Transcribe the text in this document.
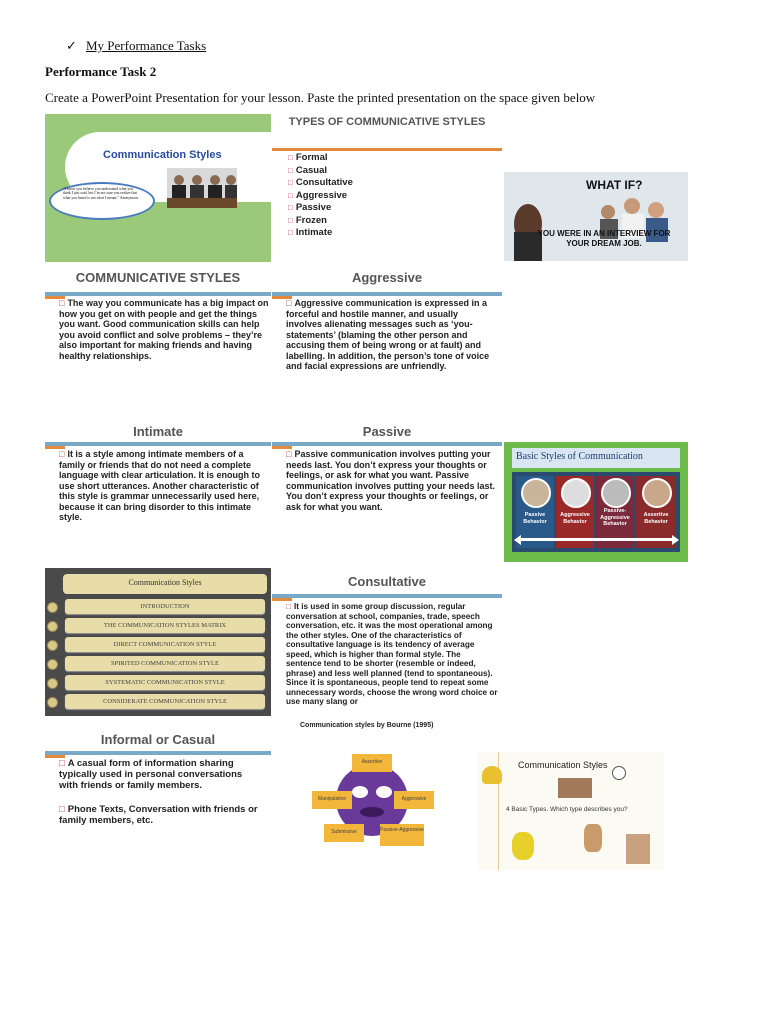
✓ My Performance Tasks
Performance Task 2
Create a PowerPoint Presentation for your lesson. Paste the printed presentation on the space given below
Communication Styles
“I know you believe you understand what you think I just said, but I’m not sure you realize that what you heard is not what I meant.” Anonymous
TYPES OF COMMUNICATIVE STYLES
□ Formal
□ Casual
□ Consultative
□ Aggressive
□ Passive
□ Frozen
□ Intimate
WHAT IF?
YOU WERE IN AN INTERVIEW FOR YOUR DREAM JOB.
COMMUNICATIVE STYLES
□ The way you communicate has a big impact on how you get on with people and get the things you want. Good communication skills can help you avoid conflict and solve problems – they’re also important for making friends and having healthy relationships.
Aggressive
□ Aggressive communication is expressed in a forceful and hostile manner, and usually involves alienating messages such as ‘you-statements’ (blaming the other person and accusing them of being wrong or at fault) and labelling. In addition, the person’s tone of voice and facial expressions are unfriendly.
Intimate
□ It is a style among intimate members of a family or friends that do not need a complete language with clear articulation. It is enough to use short utterances. Another characteristic of this style is grammar unnecessarily used here, because it can bring disorder to this intimate style.
Passive
□ Passive communication involves putting your needs last. You don’t express your thoughts or feelings, or ask for what you want. Passive communication involves putting your needs last. You don’t express your thoughts or feelings, or ask for what you want.
Basic Styles of Communication
Passive Behavior
Aggressive Behavior
Passive-Aggressive Behavior
Assertive Behavior
Communication Styles
INTRODUCTION
THE COMMUNICATION STYLES MATRIX
DIRECT COMMUNICATION STYLE
SPIRITED COMMUNICATION STYLE
SYSTEMATIC COMMUNICATION STYLE
CONSIDERATE COMMUNICATION STYLE
Consultative
□ It is used in some group discussion, regular conversation at school, companies, trade, speech conversation, etc. it was the most operational among the other styles. One of the characteristics of consultative language is its tendency of average speed, which is higher than formal style. The sentence tend to be shorter (resemble or indeed, phrase) and less well planned (tend to spontaneous). Since it is spontaneous, people tend to repeat some unnecessary words, choose the wrong word choice or use many slang or
Informal or Casual
□ A casual form of information sharing typically used in personal conversations with friends or family members.
□ Phone Texts, Conversation with friends or family members, etc.
Communication styles by Bourne (1995)
Assertive
Manipulative	Aggressive
Submissive	Passive-Aggressive
Communication Styles
4 Basic Types. Which type describes you?
